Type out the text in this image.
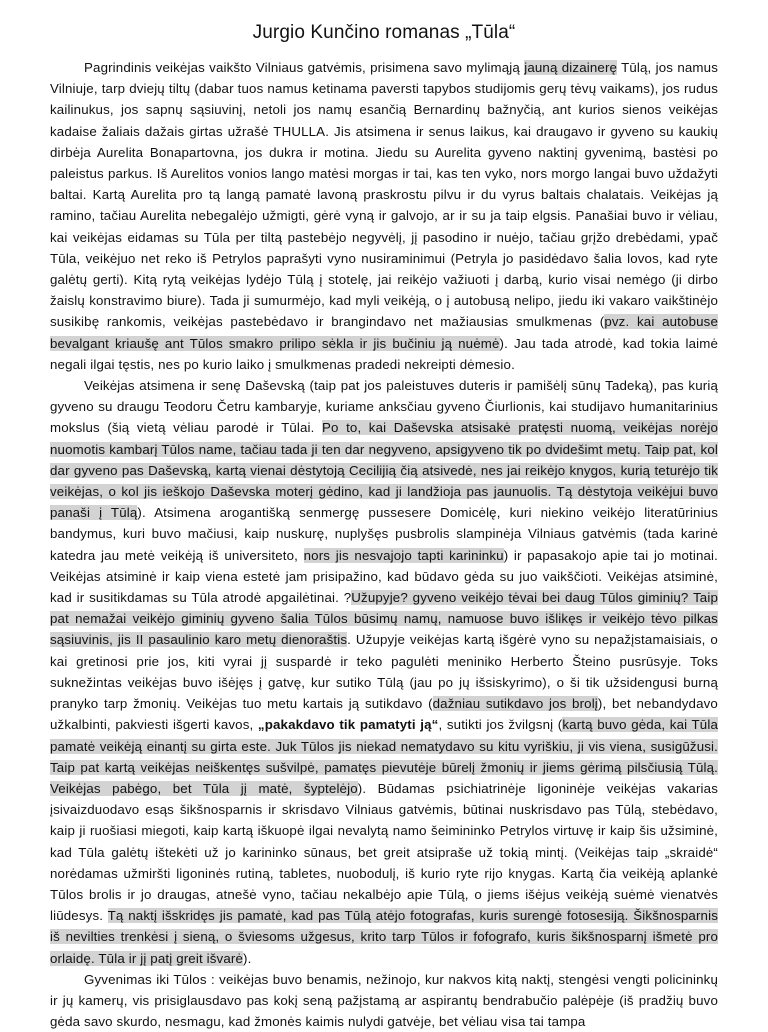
Jurgio Kunčino romanas „Tūla“

Pagrindinis veikėjas vaikšto Vilniaus gatvėmis, prisimena savo mylimąją jauną dizainerę Tūlą, jos namus Vilniuje, tarp dviejų tiltų (dabar tuos namus ketinama paversti tapybos studijomis gerų tėvų vaikams), jos rudus kailinukus, jos sapnų sąsiuvinį, netoli jos namų esančią Bernardinų bažnyčią, ant kurios sienos veikėjas kadaise žaliais dažais girtas užrašė THULLA. Jis atsimena ir senus laikus, kai draugavo ir gyveno su kaukių dirbėja Aurelita Bonapartovna, jos dukra ir motina. Jiedu su Aurelita gyveno naktinį gyvenimą, bastėsi po paleistus parkus. Iš Aurelitos vonios lango matėsi morgas ir tai, kas ten vyko, nors morgo langai buvo uždažyti baltai. Kartą Aurelita pro tą langą pamatė lavoną praskrostu pilvu ir du vyrus baltais chalatais. Veikėjas ją ramino, tačiau Aurelita nebegalėjo užmigti, gėrė vyną ir galvojo, ar ir su ja taip elgsis. Panašiai buvo ir vėliau, kai veikėjas eidamas su Tūla per tiltą pastebėjo negyvėlį, jį pasodino ir nuėjo, tačiau grįžo drebėdami, ypač Tūla, veikėjuo net reko iš Petrylos paprašyti vyno nusiraminimui (Petryla jo pasidėdavo šalia lovos, kad ryte galėtų gerti). Kitą rytą veikėjas lydėjo Tūlą į stotelę, jai reikėjo važiuoti į darbą, kurio visai nemėgo (ji dirbo žaislų konstravimo biure). Tada ji sumurmėjo, kad myli veikėją, o į autobusą nelipo, jiedu iki vakaro vaikštinėjo susikibę rankomis, veikėjas pastebėdavo ir brangindavo net mažiausias smulkmenas (pvz. kai autobuse bevalgant kriaušę ant Tūlos smakro prilipo sėkla ir jis bučiniu ją nuėmė). Jau tada atrodė, kad tokia laimė negali ilgai tęstis, nes po kurio laiko į smulkmenas pradedi nekreipti dėmesio.

Veikėjas atsimena ir senę Daševską (taip pat jos paleistuves duteris ir pamišėlį sūnų Tadeką), pas kurią gyveno su draugu Teodoru Četru kambaryje, kuriame anksčiau gyveno Čiurlionis, kai studijavo humanitarinius mokslus (šią vietą vėliau parodė ir Tūlai. Po to, kai Daševska atsisakė pratęsti nuomą, veikėjas norėjo nuomotis kambarį Tūlos name, tačiau tada ji ten dar negyveno, apsigyveno tik po dvidešimt metų. Taip pat, kol dar gyveno pas Daševską, kartą vienai dėstytoją Cecilijią čią atsivedė, nes jai reikėjo knygos, kurią teturėjo tik veikėjas, o kol jis ieškojo Daševska moterį gėdino, kad ji landžioja pas jaunuolis. Tą dėstytoja veikėjui buvo panaši į Tūlą). Atsimena arogantišką senmergę pussesere Domicėlę, kuri niekino veikėjo literatūrinius bandymus, kuri buvo mačiusi, kaip nuskurę, nuplyšęs pusbrolis slampinėja Vilniaus gatvėmis (tada karinė katedra jau metė veikėją iš universiteto, nors jis nesvajojo tapti karininku) ir papasakojo apie tai jo motinai. Veikėjas atsiminė ir kaip viena estetė jam prisipažino, kad būdavo gėda su juo vaikščioti. Veikėjas atsiminė, kad ir susitikdamas su Tūla atrodė apgailėtinai. ?Užupyje? gyveno veikėjo tėvai bei daug Tūlos giminių? Taip pat nemažai veikėjo giminių gyveno šalia Tūlos būsimų namų, namuose buvo išlikęs ir veikėjo tėvo pilkas sąsiuvinis, jis II pasaulinio karo metų dienoraštis. Užupyje veikėjas kartą išgėrė vyno su nepažįstamaisiais, o kai gretinosi prie jos, kiti vyrai jį suspardė ir teko pagulėti meninikо Herberto Šteino pusrūsyje. Toks suknežintas veikėjas buvo išėjęs į gatvę, kur sutiko Tūlą (jau po jų išsiskyrimo), o ši tik užsidengusi burną pranyko tarp žmonių. Veikėjas tuo metu kartais ją sutikdavo (dažniau sutikdavo jos brolį), bet nebandydavo užkalbinti, pakviesti išgerti kavos, „pakakdavo tik pamatyti ją“, sutiktі jos žvilgsnį (kartą buvo gėda, kai Tūla pamatė veikėją einantį su girta este. Juk Tūlos jis niekad nematydavo su kitu vyriškiu, ji vis viena, susigūžusi. Taip pat kartą veikėjas neiškentęs sušvilpė, pamatęs pievutėje būrelį žmonių ir jiems gėrimą pilsčiusią Tūlą. Veikėjas pabėgo, bet Tūla jį matė, šyptelėjo). Būdamas psichiatrinėje ligoninėje veikėjas vakarias įsivaizduodavo esąs šikšnosparnis ir skrisdavo Vilniaus gatvėmis, būtinai nuskrisdavo pas Tūlą, stebėdavo, kaip ji ruošiasi miegoti, kaip kartą iškuopė ilgai nevalytą namo šeimininko Petrylos virtuvę ir kaip šis užsiminė, kad Tūla galėtų ištekėti už jo karininko sūnaus, bet greit atsipraše už tokią mintį. (Veikėjas taip „skraidė“ norėdamas užmiršti ligoninės rutiną, tabletes, nuobodulį, iš kurio ryte rijo knygas. Kartą čia veikėją aplankė Tūlos brolis ir jo draugas, atnešė vyno, tačiau nekalbėjo apie Tūlą, o jiems išėjus veikėją suėmė vienatvės liūdesys. Tą naktį išskridęs jis pamatė, kad pas Tūlą atėjo fotografas, kuris surengė fotosesiją. Šikšnosparnis iš nevilties trenkėsi į sieną, o šviesoms užgesus, krito tarp Tūlos ir fofografo, kuris šikšnosparnį išmetė pro orlaidę. Tūla ir jį patį greit išvarė).

Gyvenimas iki Tūlos : veikėjas buvo benamis, nežinojo, kur nakvos kitą naktį, stengėsi vengti policininkų ir jų kamerų, vis prisiglausdavo pas kokį seną pažįstamą ar aspirantų bendrabučio palėpėje (iš pradžių buvo gėda savo skurdo, nesmagu, kad žmonės kaimis nulydi gatvėje, bet vėliau visa tai tampa
